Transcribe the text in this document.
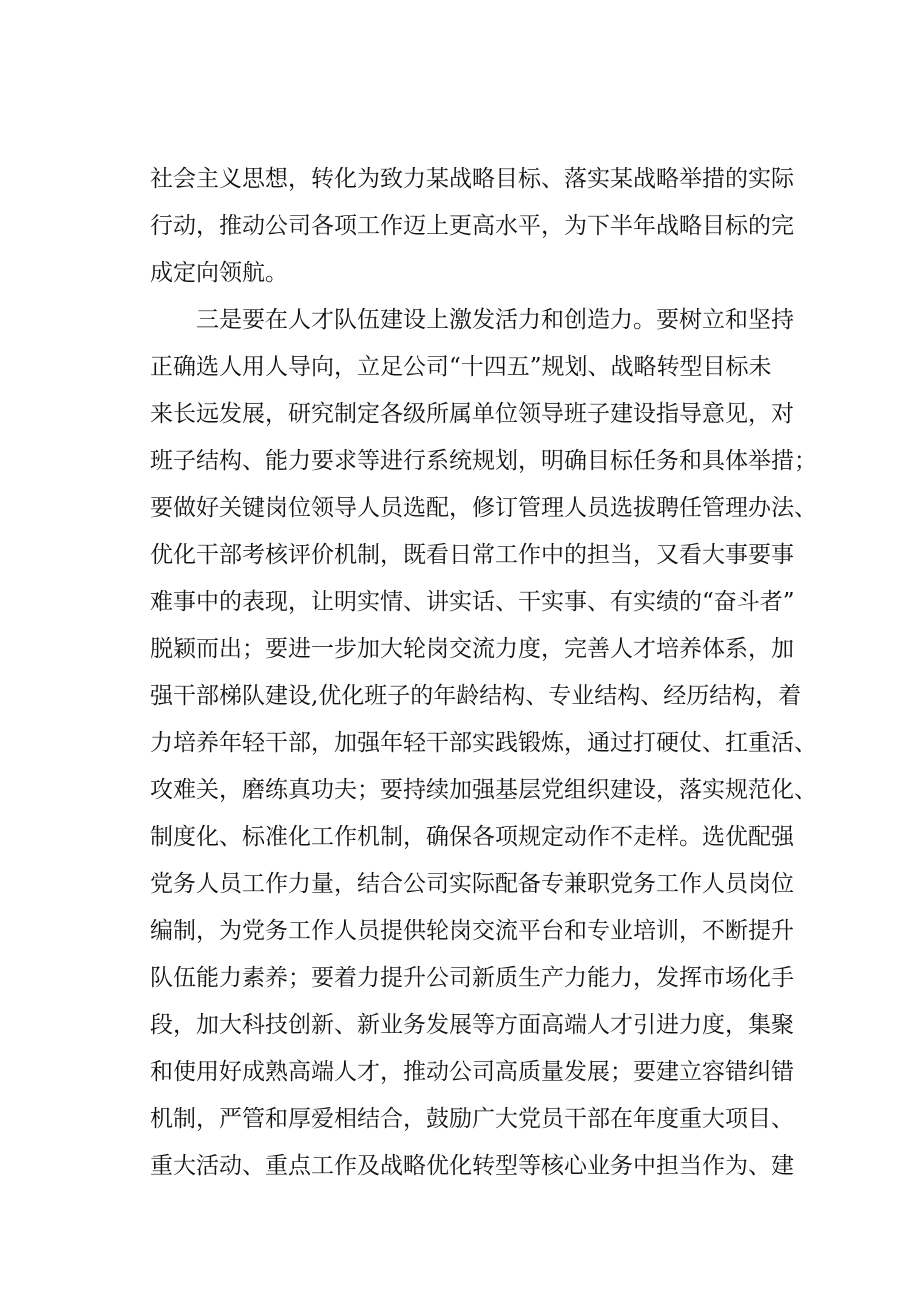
社会主义思想，转化为致力某战略目标、落实某战略举措的实际
行动，推动公司各项工作迈上更高水平，为下半年战略目标的完
成定向领航。
　　三是要在人才队伍建设上激发活力和创造力。要树立和坚持
正确选人用人导向，立足公司“十四五”规划、战略转型目标未
来长远发展，研究制定各级所属单位领导班子建设指导意见，对
班子结构、能力要求等进行系统规划，明确目标任务和具体举措；
要做好关键岗位领导人员选配，修订管理人员选拔聘任管理办法、
优化干部考核评价机制，既看日常工作中的担当，又看大事要事
难事中的表现，让明实情、讲实话、干实事、有实绩的“奋斗者”
脱颖而出；要进一步加大轮岗交流力度，完善人才培养体系，加
强干部梯队建设,优化班子的年龄结构、专业结构、经历结构，着
力培养年轻干部，加强年轻干部实践锻炼，通过打硬仗、扛重活、
攻难关，磨练真功夫；要持续加强基层党组织建设，落实规范化、
制度化、标准化工作机制，确保各项规定动作不走样。选优配强
党务人员工作力量，结合公司实际配备专兼职党务工作人员岗位
编制，为党务工作人员提供轮岗交流平台和专业培训，不断提升
队伍能力素养；要着力提升公司新质生产力能力，发挥市场化手
段，加大科技创新、新业务发展等方面高端人才引进力度，集聚
和使用好成熟高端人才，推动公司高质量发展；要建立容错纠错
机制，严管和厚爱相结合，鼓励广大党员干部在年度重大项目、
重大活动、重点工作及战略优化转型等核心业务中担当作为、建
